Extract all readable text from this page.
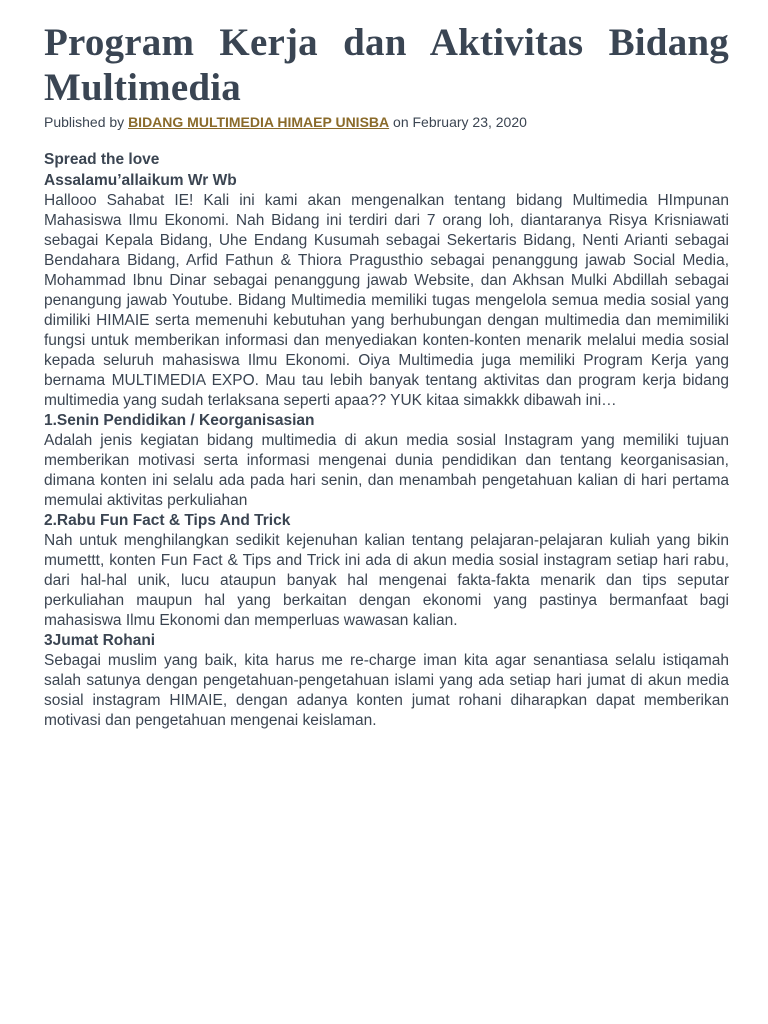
Program Kerja dan Aktivitas Bidang Multimedia
Published by BIDANG MULTIMEDIA HIMAEP UNISBA on February 23, 2020
Spread the love
Assalamu’allaikum Wr Wb

Hallooo Sahabat IE! Kali ini kami akan mengenalkan tentang bidang Multimedia HImpunan Mahasiswa Ilmu Ekonomi. Nah Bidang ini terdiri dari 7 orang loh, diantaranya Risya Krisniawati sebagai Kepala Bidang, Uhe Endang Kusumah sebagai Sekertaris Bidang, Nenti Arianti sebagai Bendahara Bidang, Arfid Fathun & Thiora Pragusthio sebagai penanggung jawab Social Media, Mohammad Ibnu Dinar sebagai penanggung jawab Website, dan Akhsan Mulki Abdillah sebagai penangung jawab Youtube. Bidang Multimedia memiliki tugas mengelola semua media sosial yang dimiliki HIMAIE serta memenuhi kebutuhan yang berhubungan dengan multimedia dan memimiliki fungsi untuk memberikan informasi dan menyediakan konten-konten menarik melalui media sosial kepada seluruh mahasiswa Ilmu Ekonomi. Oiya Multimedia juga memiliki Program Kerja yang bernama MULTIMEDIA EXPO. Mau tau lebih banyak tentang aktivitas dan program kerja bidang multimedia yang sudah terlaksana seperti apaa?? YUK kitaa simakkk dibawah ini…

1.Senin Pendidikan / Keorganisasian

Adalah jenis kegiatan bidang multimedia di akun media sosial Instagram yang memiliki tujuan memberikan motivasi serta informasi mengenai dunia pendidikan dan tentang keorganisasian, dimana konten ini selalu ada pada hari senin, dan menambah pengetahuan kalian di hari pertama memulai aktivitas perkuliahan

2.Rabu Fun Fact & Tips And Trick

Nah untuk menghilangkan sedikit kejenuhan kalian tentang pelajaran-pelajaran kuliah yang bikin mumettt, konten Fun Fact & Tips and Trick ini ada di akun media sosial instagram setiap hari rabu, dari hal-hal unik, lucu ataupun banyak hal mengenai fakta-fakta menarik dan tips seputar perkuliahan maupun hal yang berkaitan dengan ekonomi yang pastinya bermanfaat bagi mahasiswa Ilmu Ekonomi dan memperluas wawasan kalian.

3Jumat Rohani

Sebagai muslim yang baik, kita harus me re-charge iman kita agar senantiasa selalu istiqamah salah satunya dengan pengetahuan-pengetahuan islami yang ada setiap hari jumat di akun media sosial instagram HIMAIE, dengan adanya konten jumat rohani diharapkan dapat memberikan motivasi dan pengetahuan mengenai keislaman.
